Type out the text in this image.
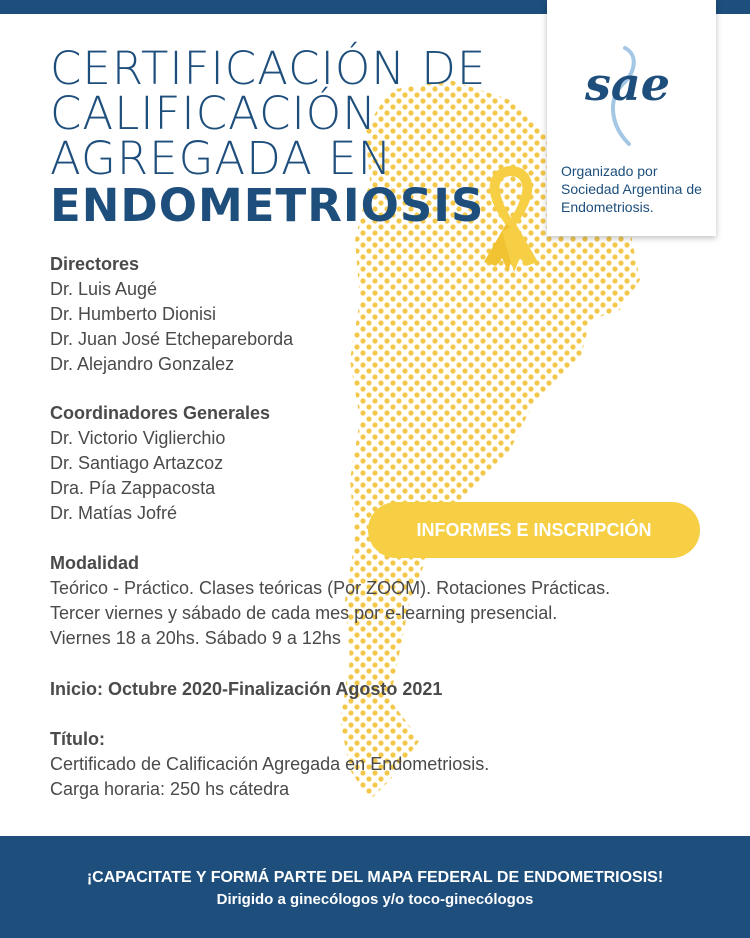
CERTIFICACIÓN DE
CALIFICACIÓN
AGREGADA EN
ENDOMETRIOSIS
sae
Organizado por Sociedad Argentina de Endometriosis.
Directores
Dr. Luis Augé
Dr. Humberto Dionisi
Dr. Juan José Etchepareborda
Dr. Alejandro Gonzalez
Coordinadores Generales
Dr. Victorio Viglierchio
Dr. Santiago Artazcoz
Dra. Pía Zappacosta
Dr. Matías Jofré
INFORMES E INSCRIPCIÓN
Modalidad
Teórico - Práctico. Clases teóricas (Por ZOOM). Rotaciones Prácticas.
Tercer viernes y sábado de cada mes por e-learning presencial.
Viernes 18 a 20hs. Sábado 9 a 12hs
Inicio: Octubre 2020-Finalización Agosto 2021
Título:
Certificado de Calificación Agregada en Endometriosis.
Carga horaria: 250 hs cátedra
¡CAPACITATE Y FORMÁ PARTE DEL MAPA FEDERAL DE ENDOMETRIOSIS!
Dirigido a ginecólogos y/o toco-ginecólogos
